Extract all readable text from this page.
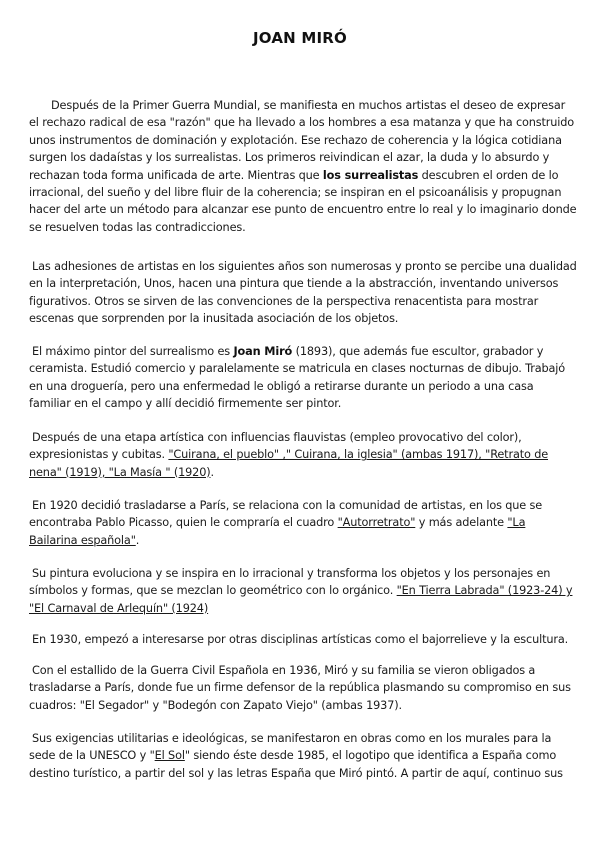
JOAN MIRÓ

Después de la Primer Guerra Mundial, se manifiesta en muchos artistas el deseo de expresar el rechazo radical de esa "razón" que ha llevado a los hombres a esa matanza y que ha construido unos instrumentos de dominación y explotación. Ese rechazo de coherencia y la lógica cotidiana surgen los dadaístas y los surrealistas. Los primeros reivindican el azar, la duda y lo absurdo y rechazan toda forma unificada de arte. Mientras que los surrealistas descubren el orden de lo irracional, del sueño y del libre fluir de la coherencia; se inspiran en el psicoanálisis y propugnan hacer del arte un método para alcanzar ese punto de encuentro entre lo real y lo imaginario donde se resuelven todas las contradicciones.

Las adhesiones de artistas en los siguientes años son numerosas y pronto se percibe una dualidad en la interpretación, Unos, hacen una pintura que tiende a la abstracción, inventando universos figurativos. Otros se sirven de las convenciones de la perspectiva renacentista para mostrar escenas que sorprenden por la inusitada asociación de los objetos.

El máximo pintor del surrealismo es Joan Miró (1893), que además fue escultor, grabador y ceramista. Estudió comercio y paralelamente se matricula en clases nocturnas de dibujo. Trabajó en una droguería, pero una enfermedad le obligó a retirarse durante un periodo a una casa familiar en el campo y allí decidió firmemente ser pintor.

Después de una etapa artística con influencias flauvistas (empleo provocativo del color), expresionistas y cubitas. "Cuirana, el pueblo" ," Cuirana, la iglesia" (ambas 1917), "Retrato de nena" (1919), "La Masía " (1920).

En 1920 decidió trasladarse a París, se relaciona con la comunidad de artistas, en los que se encontraba Pablo Picasso, quien le compraría el cuadro "Autorretrato" y más adelante "La Bailarina española".

Su pintura evoluciona y se inspira en lo irracional y transforma los objetos y los personajes en símbolos y formas, que se mezclan lo geométrico con lo orgánico. "En Tierra Labrada" (1923-24) y "El Carnaval de Arlequín" (1924)

En 1930, empezó a interesarse por otras disciplinas artísticas como el bajorrelieve y la escultura.

Con el estallido de la Guerra Civil Española en 1936, Miró y su familia se vieron obligados a trasladarse a París, donde fue un firme defensor de la república plasmando su compromiso en sus cuadros: "El Segador" y "Bodegón con Zapato Viejo" (ambas 1937).

Sus exigencias utilitarias e ideológicas, se manifestaron en obras como en los murales para la sede de la UNESCO y "El Sol" siendo éste desde 1985, el logotipo que identifica a España como destino turístico, a partir del sol y las letras España que Miró pintó. A partir de aquí, continuo sus
